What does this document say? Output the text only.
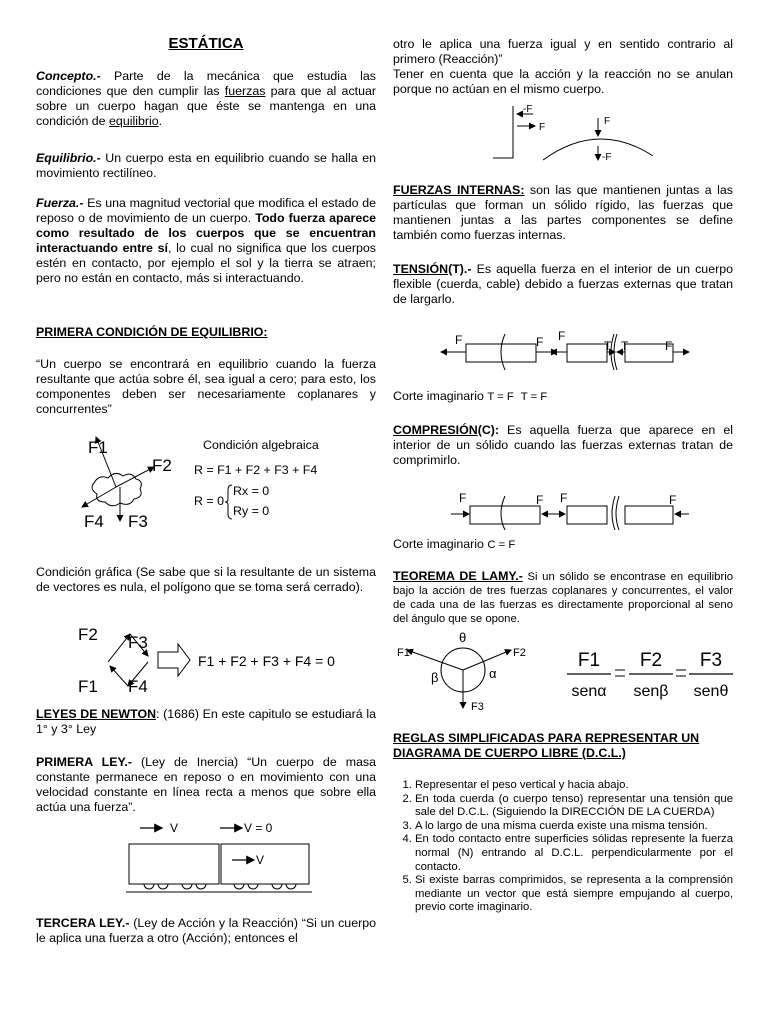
ESTÁTICA

Concepto.- Parte de la mecánica que estudia las condiciones que den cumplir las fuerzas para que al actuar sobre un cuerpo hagan que éste se mantenga en una condición de equilibrio.

Equilibrio.- Un cuerpo esta en equilibrio cuando se halla en movimiento rectilíneo.

Fuerza.- Es una magnitud vectorial que modifica el estado de reposo o de movimiento de un cuerpo. Todo fuerza aparece como resultado de los cuerpos que se encuentran interactuando entre sí, lo cual no significa que los cuerpos estén en contacto, por ejemplo el sol y la tierra se atraen; pero no están en contacto, más si interactuando.

PRIMERA CONDICIÓN DE EQUILIBRIO:

“Un cuerpo se encontrará en equilibrio cuando la fuerza resultante que actúa sobre él, sea igual a cero; para esto, los componentes deben ser necesariamente coplanares y concurrentes”

F1
F2
F4 F3
Condición algebraica
R = F1 + F2 + F3 + F4
R = 0
Rx = 0
Ry = 0

Condición gráfica (Se sabe que si la resultante de un sistema de vectores es nula, el polígono que se toma será cerrado).

F2 F3
F1 F4
F1 + F2 + F3 + F4 = 0

LEYES DE NEWTON: (1686) En este capitulo se estudiará la 1° y 3° Ley

PRIMERA LEY.- (Ley de Inercia) “Un cuerpo de masa constante permanece en reposo o en movimiento con una velocidad constante en línea recta a menos que sobre ella actúa una fuerza”.

V	V = 0
V

TERCERA LEY.- (Ley de Acción y la Reacción) “Si un cuerpo le aplica una fuerza a otro (Acción); entonces el

otro le aplica una fuerza igual y en sentido contrario al primero (Reacción)”

Tener en cuenta que la acción y la reacción no se anulan porque no actúan en el mismo cuerpo.

-F
F
F
-F

FUERZAS INTERNAS: son las que mantienen juntas a las partículas que forman un sólido rígido, las fuerzas que mantienen juntas a las partes componentes se define también como fuerzas internas.

TENSIÓN(T).- Es aquella fuerza en el interior de un cuerpo flexible (cuerda, cable) debido a fuerzas externas que tratan de largarlo.

F	F F
T T	F
Corte imaginario T = F T = F

COMPRESIÓN(C): Es aquella fuerza que aparece en el interior de un sólido cuando las fuerzas externas tratan de comprimirlo.

F	F F	F
Corte imaginario C = F

TEOREMA DE LAMY.- Si un sólido se encontrase en equilibrio bajo la acción de tres fuerzas coplanares y concurrentes, el valor de cada una de las fuerzas es directamente proporcional al seno del ángulo que se opone.

F1	F2
F3
θ
α
β
F1
senα
F2
senβ
F3
senθ
REGLAS SIMPLIFICADAS PARA REPRESENTAR UN DIAGRAMA DE CUERPO LIBRE (D.C.L.)
1. Representar el peso vertical y hacia abajo.
2. En toda cuerda (o cuerpo tenso) representar una tensión que sale del D.C.L. (Siguiendo la DIRECCIÓN DE LA CUERDA)
3. A lo largo de una misma cuerda existe una misma tensión.
4. En todo contacto entre superficies sólidas represente la fuerza normal (N) entrando al D.C.L. perpendicularmente por el contacto.
5. Si existe barras comprimidos, se representa a la comprensión mediante un vector que está siempre empujando al cuerpo, previo corte imaginario.
